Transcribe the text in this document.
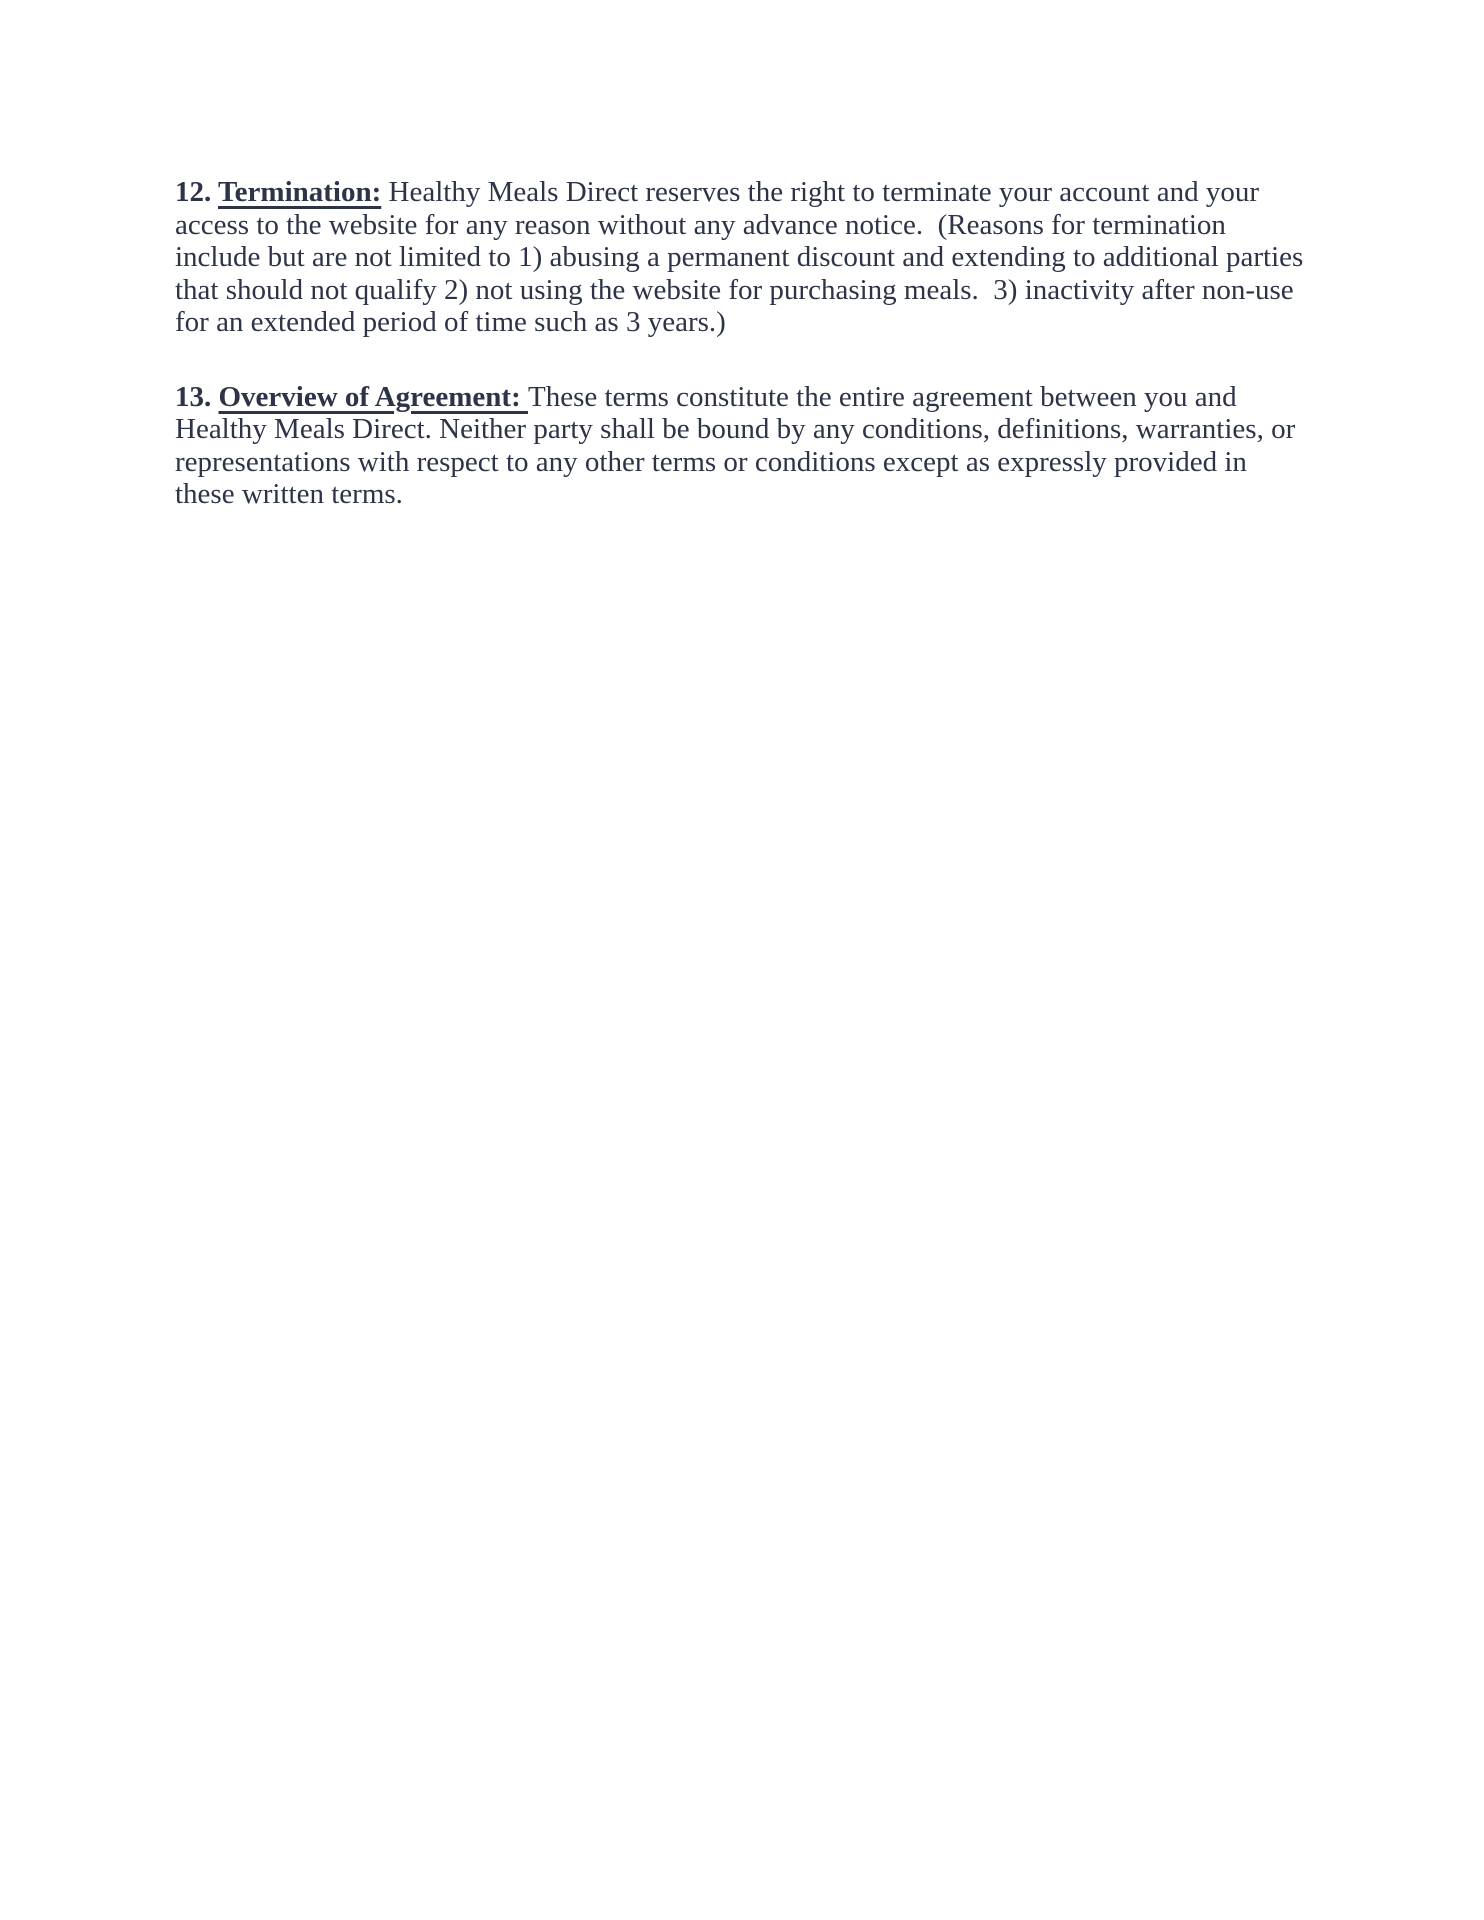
12. Termination: Healthy Meals Direct reserves the right to terminate your account and your
access to the website for any reason without any advance notice.  (Reasons for termination
include but are not limited to 1) abusing a permanent discount and extending to additional parties
that should not qualify 2) not using the website for purchasing meals.  3) inactivity after non-use
for an extended period of time such as 3 years.)
13. Overview of Agreement: These terms constitute the entire agreement between you and
Healthy Meals Direct. Neither party shall be bound by any conditions, definitions, warranties, or
representations with respect to any other terms or conditions except as expressly provided in
these written terms.
